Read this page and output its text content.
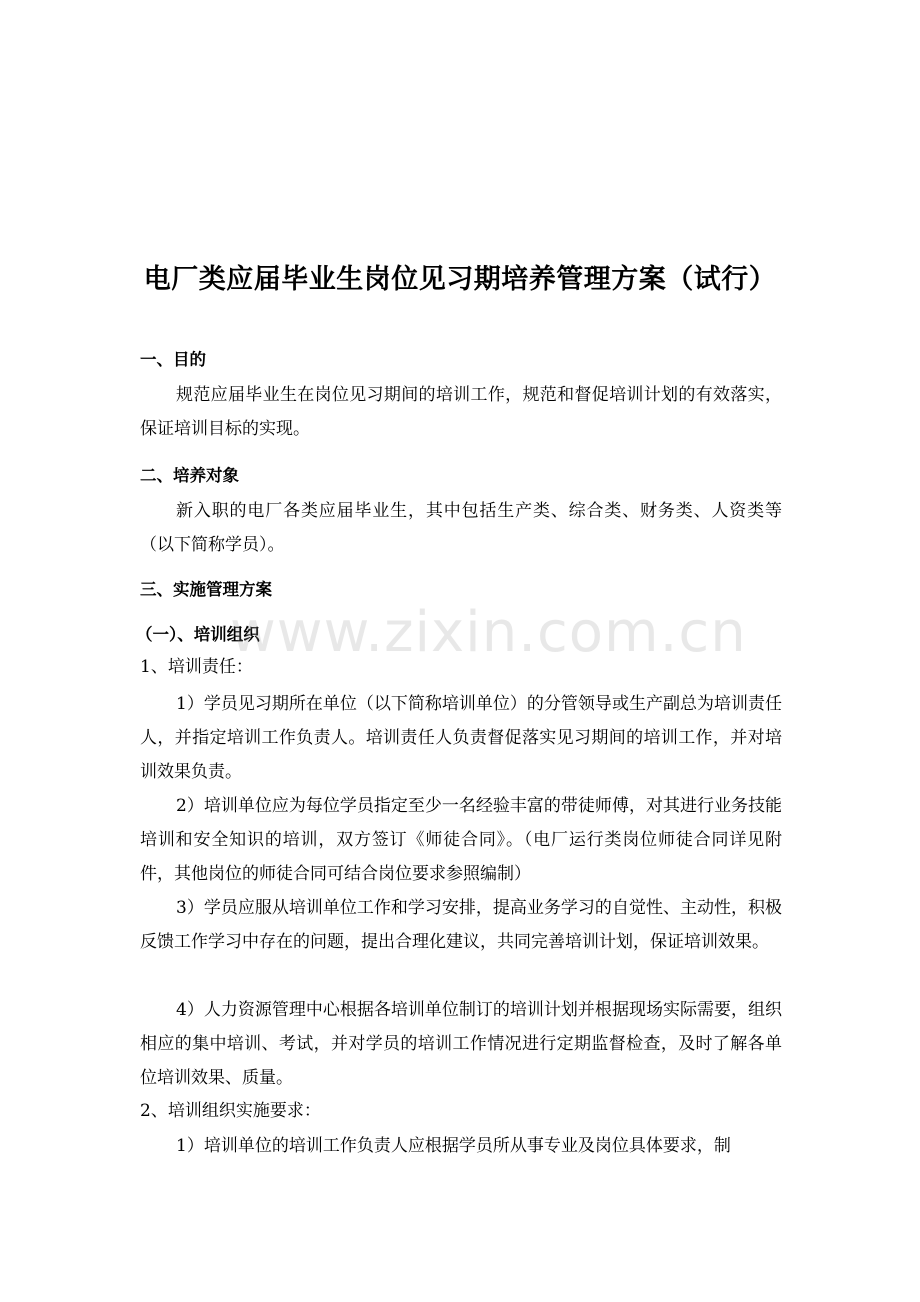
电厂类应届毕业生岗位见习期培养管理方案（试行）
一、目的
规范应届毕业生在岗位见习期间的培训工作，规范和督促培训计划的有效落实，保证培训目标的实现。
二、培养对象
新入职的电厂各类应届毕业生，其中包括生产类、综合类、财务类、人资类等（以下简称学员）。
三、实施管理方案
（一）、培训组织
1、培训责任：
1）学员见习期所在单位（以下简称培训单位）的分管领导或生产副总为培训责任人，并指定培训工作负责人。培训责任人负责督促落实见习期间的培训工作，并对培训效果负责。
2）培训单位应为每位学员指定至少一名经验丰富的带徒师傅，对其进行业务技能培训和安全知识的培训，双方签订《师徒合同》。（电厂运行类岗位师徒合同详见附件，其他岗位的师徒合同可结合岗位要求参照编制）
3）学员应服从培训单位工作和学习安排，提高业务学习的自觉性、主动性，积极反馈工作学习中存在的问题，提出合理化建议，共同完善培训计划，保证培训效果。
4）人力资源管理中心根据各培训单位制订的培训计划并根据现场实际需要，组织相应的集中培训、考试，并对学员的培训工作情况进行定期监督检查，及时了解各单位培训效果、质量。
2、培训组织实施要求：
1）培训单位的培训工作负责人应根据学员所从事专业及岗位具体要求，制
www.zixin.com.cn
